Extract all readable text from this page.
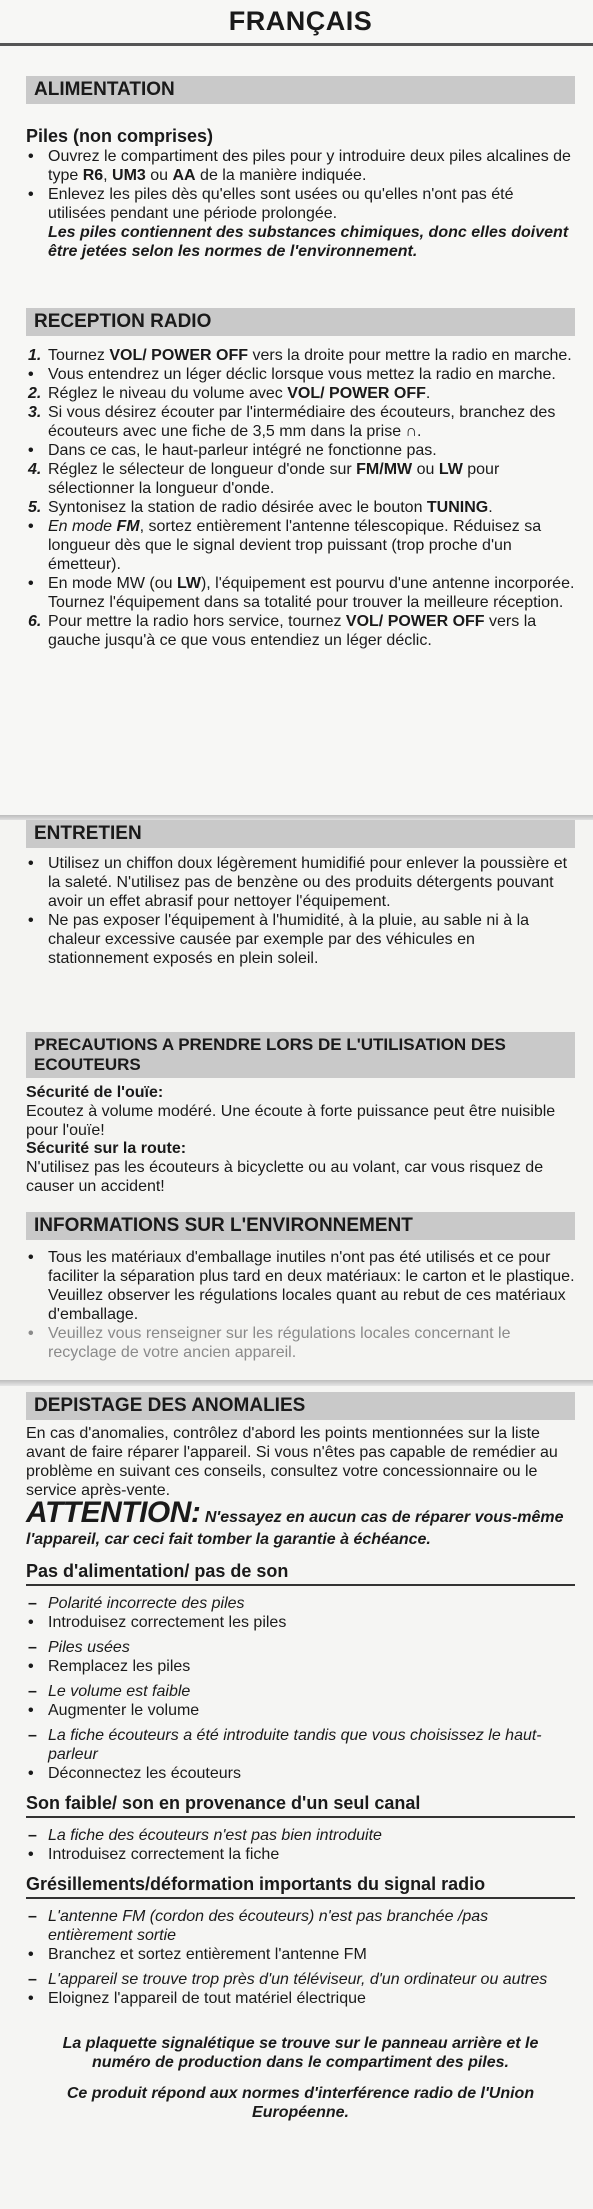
FRANÇAIS
ALIMENTATION
Piles (non comprises)
• Ouvrez le compartiment des piles pour y introduire deux piles alcalines de type R6, UM3 ou AA de la manière indiquée.
• Enlevez les piles dès qu'elles sont usées ou qu'elles n'ont pas été utilisées pendant une période prolongée.

Les piles contiennent des substances chimiques, donc elles doivent être jetées selon les normes de l'environnement.

RECEPTION RADIO
1. Tournez VOL/ POWER OFF vers la droite pour mettre la radio en marche.
• Vous entendrez un léger déclic lorsque vous mettez la radio en marche.
2. Réglez le niveau du volume avec VOL/ POWER OFF.
3. Si vous désirez écouter par l'intermédiaire des écouteurs, branchez des écouteurs avec une fiche de 3,5 mm dans la prise ∩.
• Dans ce cas, le haut-parleur intégré ne fonctionne pas.
4. Réglez le sélecteur de longueur d'onde sur FM/MW ou LW pour sélectionner la longueur d'onde.
5. Syntonisez la station de radio désirée avec le bouton TUNING.
• En mode FM, sortez entièrement l'antenne télescopique. Réduisez sa longueur dès que le signal devient trop puissant (trop proche d'un émetteur).
• En mode MW (ou LW), l'équipement est pourvu d'une antenne incorporée. Tournez l'équipement dans sa totalité pour trouver la meilleure réception.
6. Pour mettre la radio hors service, tournez VOL/ POWER OFF vers la gauche jusqu'à ce que vous entendiez un léger déclic.
ENTRETIEN
• Utilisez un chiffon doux légèrement humidifié pour enlever la poussière et la saleté. N'utilisez pas de benzène ou des produits détergents pouvant avoir un effet abrasif pour nettoyer l'équipement.
• Ne pas exposer l'équipement à l'humidité, à la pluie, au sable ni à la chaleur excessive causée par exemple par des véhicules en stationnement exposés en plein soleil.
PRECAUTIONS A PRENDRE LORS DE L'UTILISATION DES ECOUTEURS
Sécurité de l'ouïe:

Ecoutez à volume modéré. Une écoute à forte puissance peut être nuisible pour l'ouïe!

Sécurité sur la route:

N'utilisez pas les écouteurs à bicyclette ou au volant, car vous risquez de causer un accident!

INFORMATIONS SUR L'ENVIRONNEMENT
• Tous les matériaux d'emballage inutiles n'ont pas été utilisés et ce pour faciliter la séparation plus tard en deux matériaux: le carton et le plastique. Veuillez observer les régulations locales quant au rebut de ces matériaux d'emballage.
• Veuillez vous renseigner sur les régulations locales concernant le recyclage de votre ancien appareil.
DEPISTAGE DES ANOMALIES

En cas d'anomalies, contrôlez d'abord les points mentionnées sur la liste avant de faire réparer l'appareil. Si vous n'êtes pas capable de remédier au problème en suivant ces conseils, consultez votre concessionnaire ou le service après-vente.

ATTENTION: N'essayez en aucun cas de réparer vous-même l'appareil, car ceci fait tomber la garantie à échéance.

Pas d'alimentation/ pas de son
– Polarité incorrecte des piles
• Introduisez correctement les piles
– Piles usées
• Remplacez les piles
– Le volume est faible
• Augmenter le volume
– La fiche écouteurs a été introduite tandis que vous choisissez le haut-parleur
• Déconnectez les écouteurs
Son faible/ son en provenance d'un seul canal
– La fiche des écouteurs n'est pas bien introduite
• Introduisez correctement la fiche
Grésillements/déformation importants du signal radio
– L'antenne FM (cordon des écouteurs) n'est pas branchée /pas entièrement sortie
• Branchez et sortez entièrement l'antenne FM
– L'appareil se trouve trop près d'un téléviseur, d'un ordinateur ou autres
• Eloignez l'appareil de tout matériel électrique

La plaquette signalétique se trouve sur le panneau arrière et le numéro de production dans le compartiment des piles.

Ce produit répond aux normes d'interférence radio de l'Union Européenne.
